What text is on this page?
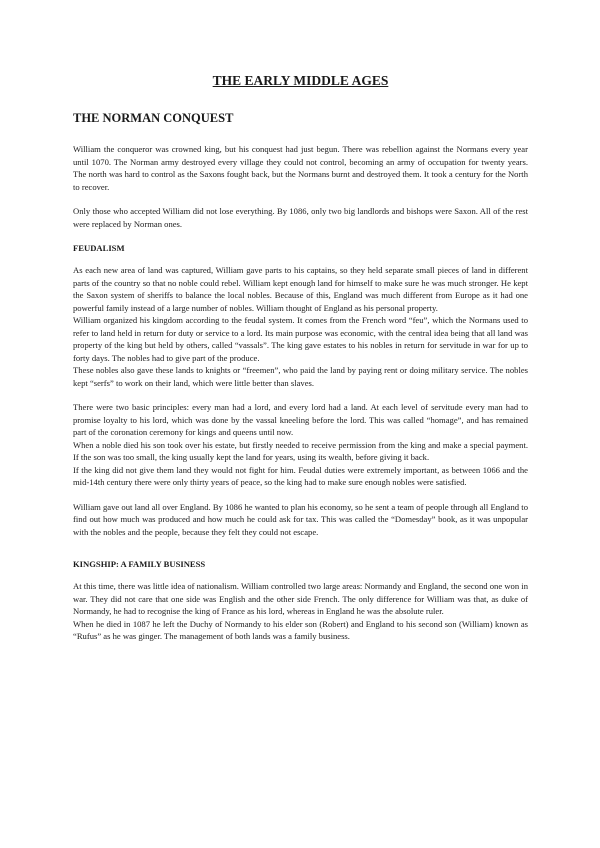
THE EARLY MIDDLE AGES
THE NORMAN CONQUEST

William the conqueror was crowned king, but his conquest had just begun. There was rebellion against the Normans every year until 1070. The Norman army destroyed every village they could not control, becoming an army of occupation for twenty years. The north was hard to control as the Saxons fought back, but the Normans burnt and destroyed them. It took a century for the North to recover.

Only those who accepted William did not lose everything. By 1086, only two big landlords and bishops were Saxon. All of the rest were replaced by Norman ones.

FEUDALISM

As each new area of land was captured, William gave parts to his captains, so they held separate small pieces of land in different parts of the country so that no noble could rebel. William kept enough land for himself to make sure he was much stronger. He kept the Saxon system of sheriffs to balance the local nobles. Because of this, England was much different from Europe as it had one powerful family instead of a large number of nobles. William thought of England as his personal property.

William organized his kingdom according to the feudal system. It comes from the French word “feu”, which the Normans used to refer to land held in return for duty or service to a lord. Its main purpose was economic, with the central idea being that all land was property of the king but held by others, called “vassals”. The king gave estates to his nobles in return for servitude in war for up to forty days. The nobles had to give part of the produce.

These nobles also gave these lands to knights or “freemen”, who paid the land by paying rent or doing military service. The nobles kept “serfs” to work on their land, which were little better than slaves.

There were two basic principles: every man had a lord, and every lord had a land. At each level of servitude every man had to promise loyalty to his lord, which was done by the vassal kneeling before the lord. This was called “homage”, and has remained part of the coronation ceremony for kings and queens until now.

When a noble died his son took over his estate, but firstly needed to receive permission from the king and make a special payment. If the son was too small, the king usually kept the land for years, using its wealth, before giving it back.

If the king did not give them land they would not fight for him. Feudal duties were extremely important, as between 1066 and the mid-14th century there were only thirty years of peace, so the king had to make sure enough nobles were satisfied.

William gave out land all over England. By 1086 he wanted to plan his economy, so he sent a team of people through all England to find out how much was produced and how much he could ask for tax. This was called the “Domesday” book, as it was unpopular with the nobles and the people, because they felt they could not escape.

KINGSHIP: A FAMILY BUSINESS

At this time, there was little idea of nationalism. William controlled two large areas: Normandy and England, the second one won in war. They did not care that one side was English and the other side French. The only difference for William was that, as duke of Normandy, he had to recognise the king of France as his lord, whereas in England he was the absolute ruler.

When he died in 1087 he left the Duchy of Normandy to his elder son (Robert) and England to his second son (William) known as “Rufus” as he was ginger. The management of both lands was a family business.
